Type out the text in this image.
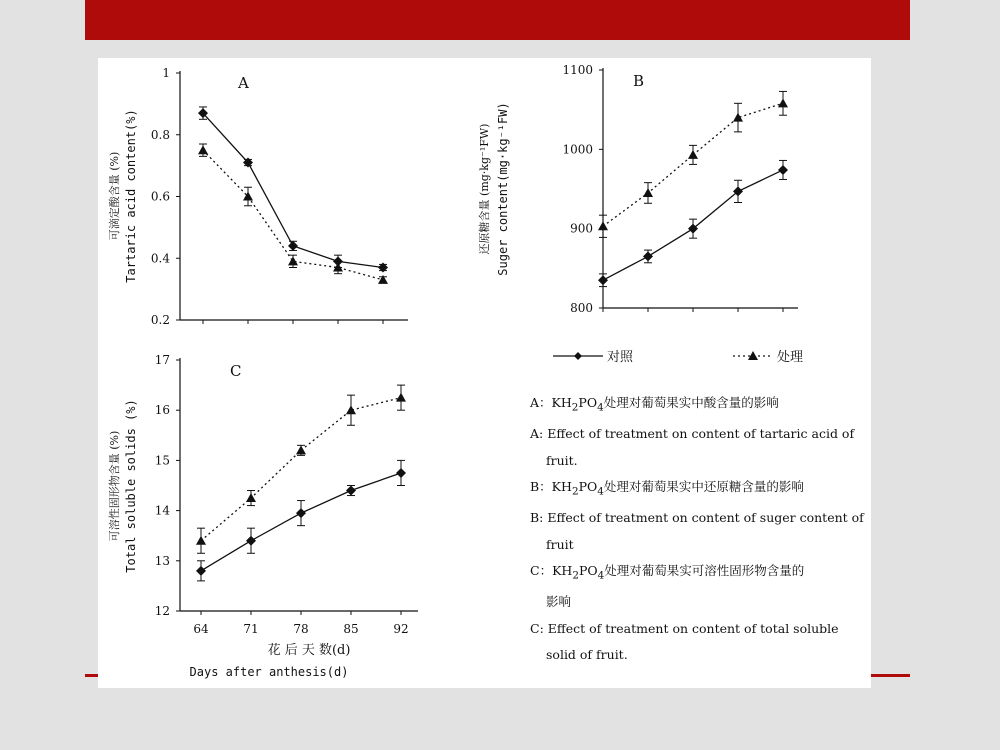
1
0.8
0.6
0.4
0.2
A
可滴定酸含量 (%) Tartaric acid content(%)
1100
1000
900
800
B
还原糖含量 (mg·kg⁻¹FW) Suger content(mg·kg⁻¹FW)
17
16
15
14
13
12
C
可溶性固形物含量 (%) Total soluble solids (%)
64	71	78	85	92
花 后 天 数(d)
Days after anthesis(d)
对照	处理
A：$KH_2PO_4$处理对葡萄果实中酸含量的影响
A: Effect of treatment on content of tartaric acid of
fruit.
B：$KH_2PO_4$处理对葡萄果实中还原糖含量的影响
B: Effect of treatment on content of suger content of
fruit
C：$KH_2PO_4$处理对葡萄果实可溶性固形物含量的
影响
C: Effect of treatment on content of total soluble
solid of fruit.
